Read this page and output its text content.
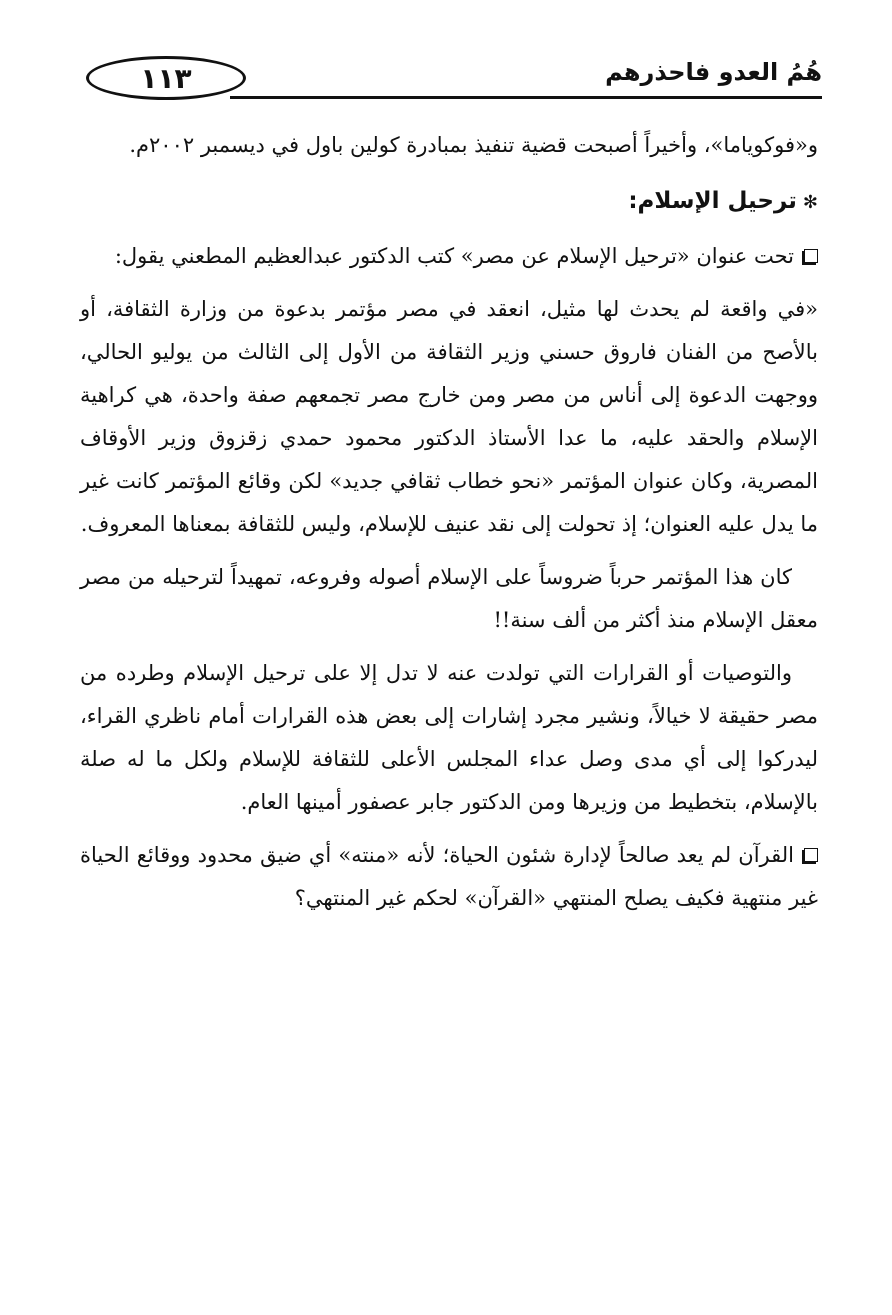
١١٣	هُمُ العدو فاحذرهم

و«فوكوياما»، وأخيراً أصبحت قضية تنفيذ بمبادرة كولين باول في ديسمبر ٢٠٠٢م.

✻ترحيل الإسلام:

تحت عنوان «ترحيل الإسلام عن مصر» كتب الدكتور عبدالعظيم المطعني يقول:

«في واقعة لم يحدث لها مثيل، انعقد في مصر مؤتمر بدعوة من وزارة الثقافة، أو بالأصح من الفنان فاروق حسني وزير الثقافة من الأول إلى الثالث من يوليو الحالي، ووجهت الدعوة إلى أناس من مصر ومن خارج مصر تجمعهم صفة واحدة، هي كراهية الإسلام والحقد عليه، ما عدا الأستاذ الدكتور محمود حمدي زقزوق وزير الأوقاف المصرية، وكان عنوان المؤتمر «نحو خطاب ثقافي جديد» لكن وقائع المؤتمر كانت غير ما يدل عليه العنوان؛ إذ تحولت إلى نقد عنيف للإسلام، وليس للثقافة بمعناها المعروف.

كان هذا المؤتمر حرباً ضروساً على الإسلام أصوله وفروعه، تمهيداً لترحيله من مصر معقل الإسلام منذ أكثر من ألف سنة!!

والتوصيات أو القرارات التي تولدت عنه لا تدل إلا على ترحيل الإسلام وطرده من مصر حقيقة لا خيالاً، ونشير مجرد إشارات إلى بعض هذه القرارات أمام ناظري القراء، ليدركوا إلى أي مدى وصل عداء المجلس الأعلى للثقافة للإسلام ولكل ما له صلة بالإسلام، بتخطيط من وزيرها ومن الدكتور جابر عصفور أمينها العام.

القرآن لم يعد صالحاً لإدارة شئون الحياة؛ لأنه «منته» أي ضيق محدود ووقائع الحياة غير منتهية فكيف يصلح المنتهي «القرآن» لحكم غير المنتهي؟
